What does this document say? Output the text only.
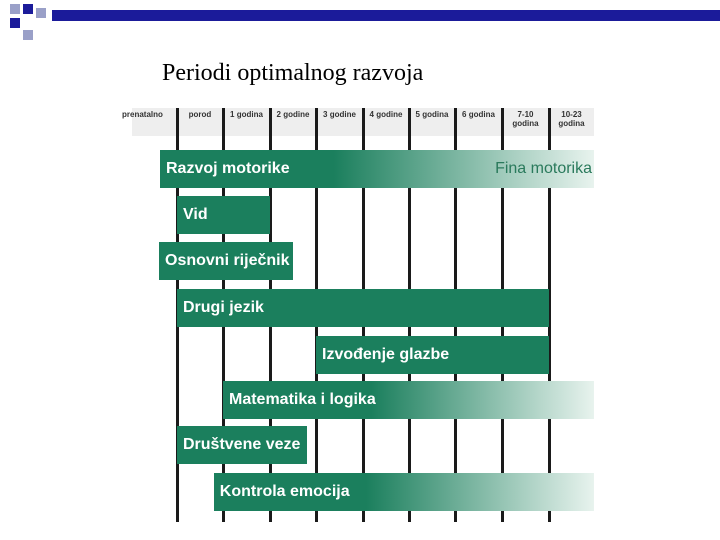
Periodi optimalnog razvoja
prenatalno	porod	1 godina	2 godine	3 godine	4 godine	5 godina	6 godina	7-10
godina
10-23
godina
Razvoj motorike	Fina motorika
Vid
Osnovni riječnik
Drugi jezik
Izvođenje glazbe
Matematika i logika
Društvene veze
Kontrola emocija
